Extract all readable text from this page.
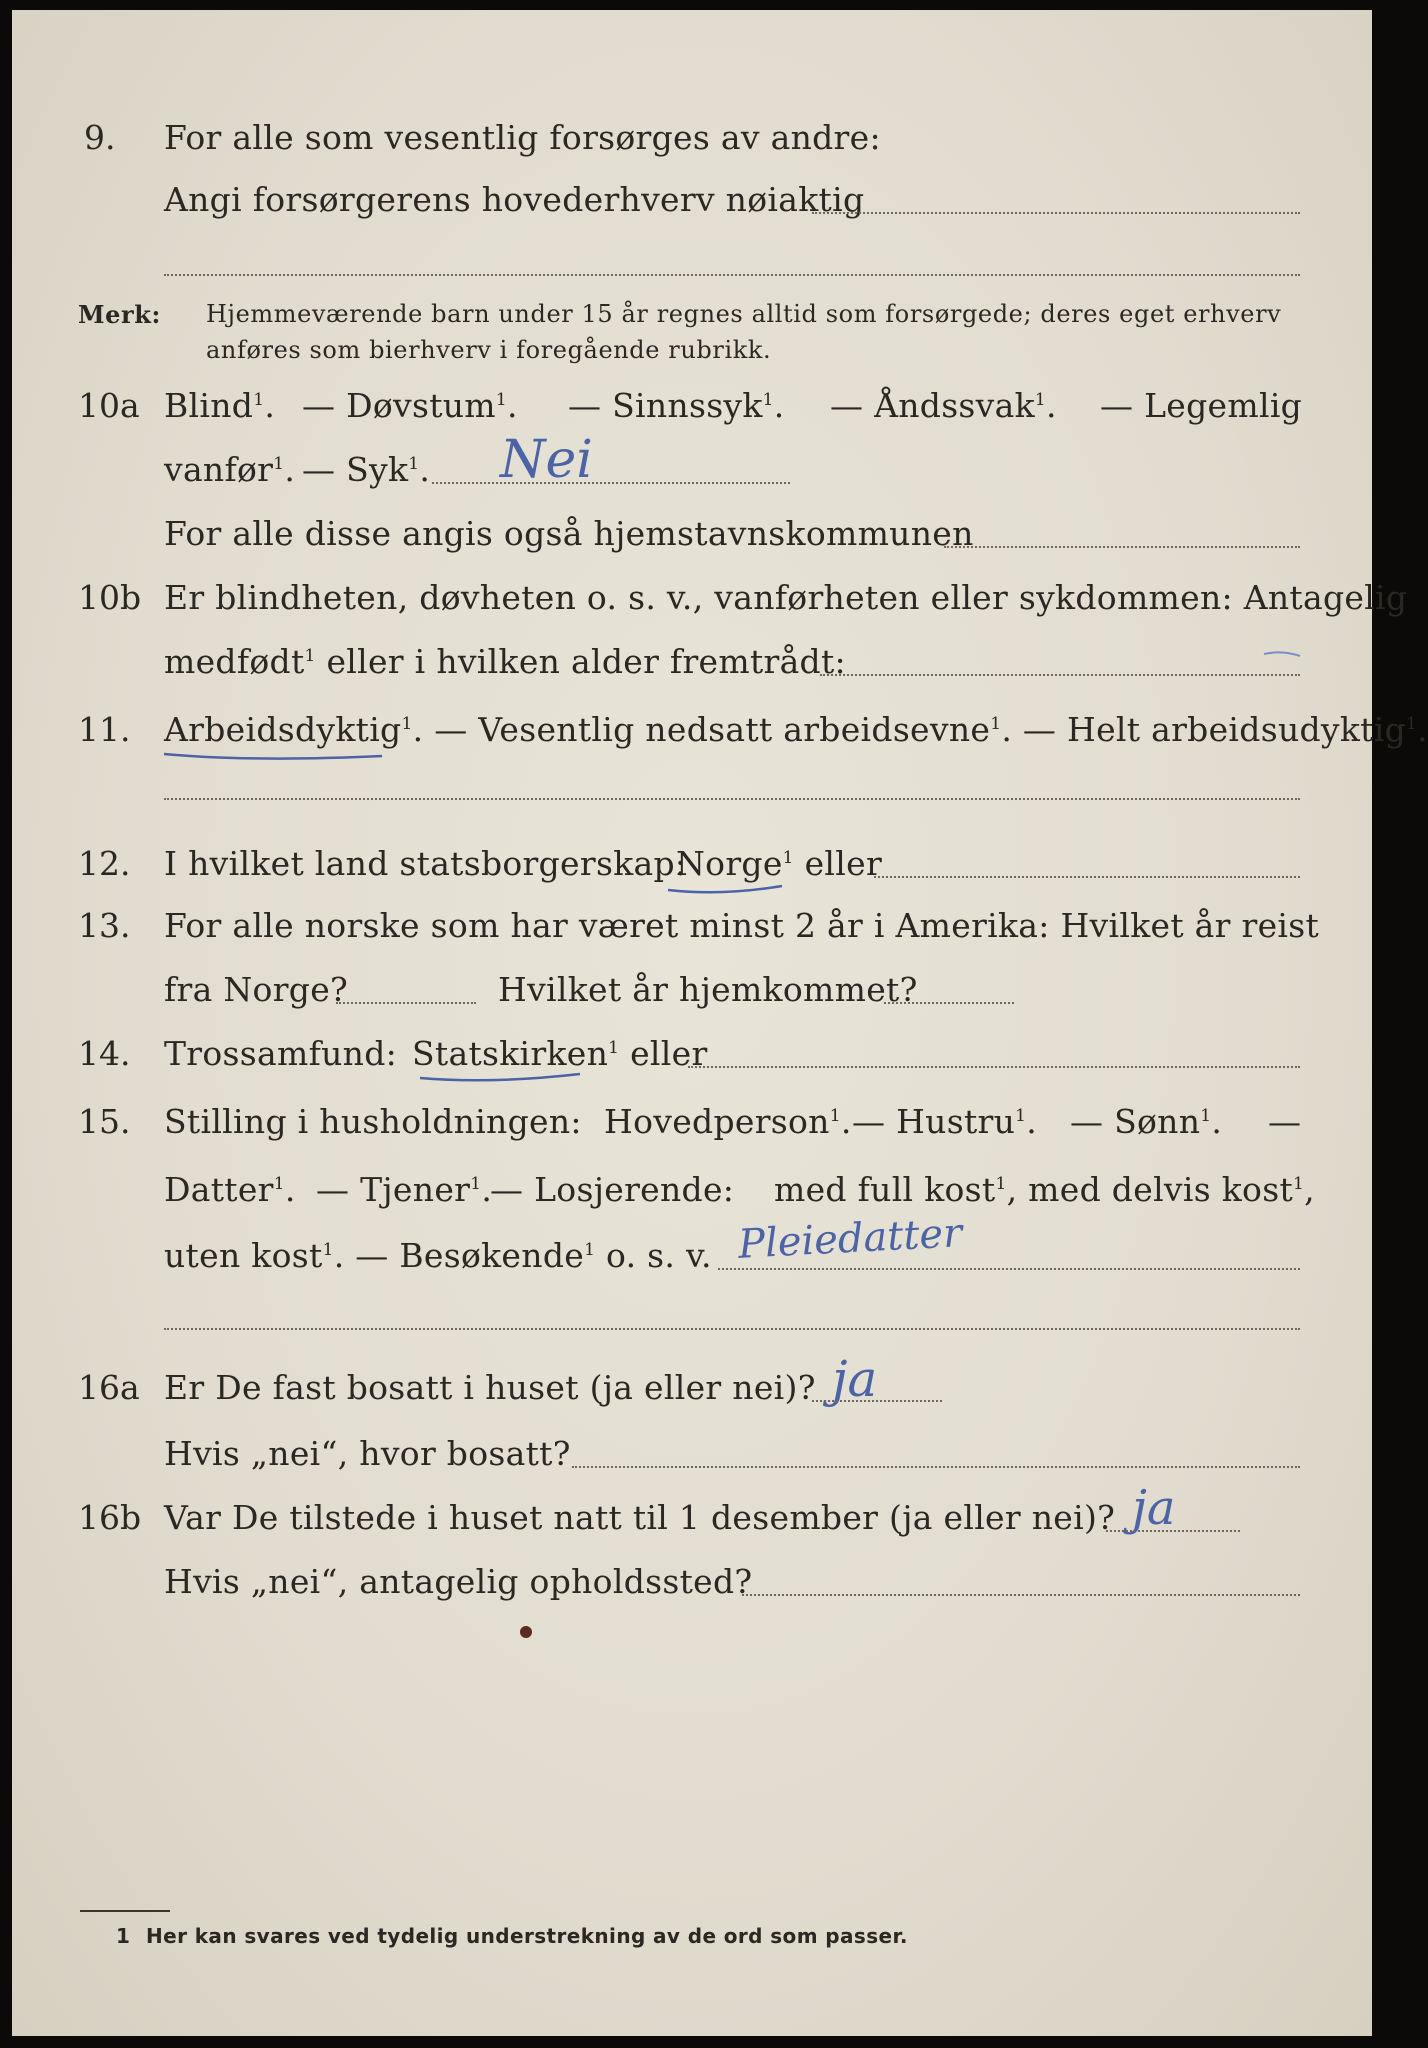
9. For alle som vesentlig forsørges av andre:
Angi forsørgerens hovederhverv nøiaktig
Merk: Hjemmeværende barn under 15 år regnes alltid som forsørgede; deres eget erhverv
anføres som bierhverv i foregående rubrikk.
10a Blind$^1$. — Døvstum$^1$. — Sinnssyk$^1$. — Åndssvak$^1$. — Legemlig
vanfør$^1$. — Syk$^1$. Nei
For alle disse angis også hjemstavnskommunen
10b Er blindheten, døvheten o. s. v., vanførheten eller sykdommen: Antagelig
medfødt$^1$ eller i hvilken alder fremtrådt:
11. Arbeidsdyktig$^1$. — Vesentlig nedsatt arbeidsevne$^1$. — Helt arbeidsudyktig$^1$.
12. I hvilket land statsborgerskap:
Norge$^1$ eller
13. For alle norske som har været minst 2 år i Amerika: Hvilket år reist
fra Norge?	Hvilket år hjemkommet?
14. Trossamfund: Statskirken$^1$ eller
15. Stilling i husholdningen: Hovedperson$^1$. — Hustru$^1$. — Sønn$^1$. —
Datter$^1$. — Tjener$^1$.
— Losjerende: med full kost$^1$, med delvis kost$^1$,
uten kost$^1$. — Besøkende$^1$ o. s. v. Pleiedatter
16a Er De fast bosatt i huset (ja eller nei)? ja
Hvis „nei“, hvor bosatt?
16b Var De tilstede i huset natt til 1 desember (ja eller nei)? ja
Hvis „nei“, antagelig opholdssted?
1 Her kan svares ved tydelig understrekning av de ord som passer.
